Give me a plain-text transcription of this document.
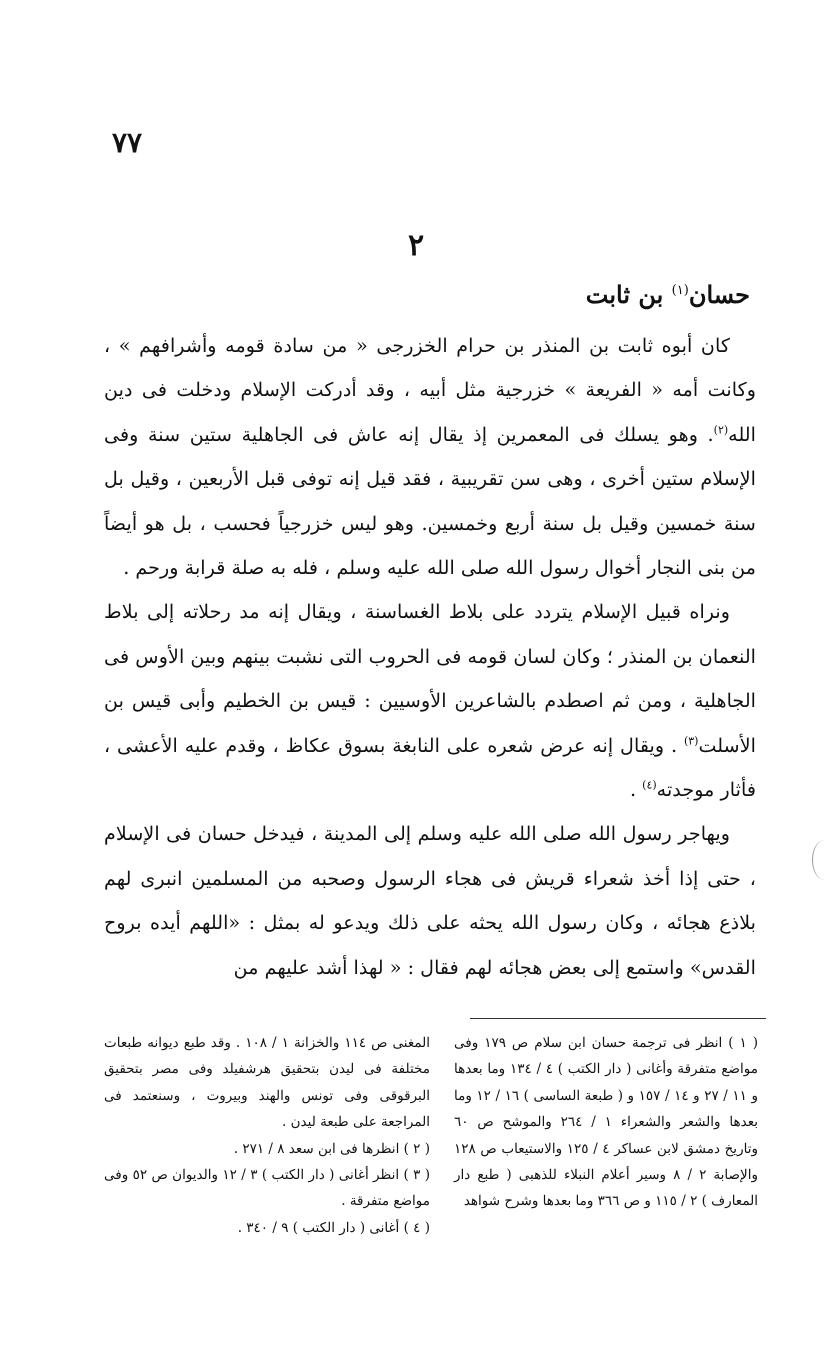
٧٧
٢
حسان$^{(١)}$ بن ثابت

كان أبوه ثابت بن المنذر بن حرام الخزرجى « من سادة قومه وأشرافهم » ، وكانت أمه « الفريعة » خزرجية مثل أبيه ، وقد أدركت الإسلام ودخلت فى دين الله$^{(٢)}$. وهو يسلك فى المعمرين إذ يقال إنه عاش فى الجاهلية ستين سنة وفى الإسلام ستين أخرى ، وهى سن تقريبية ، فقد قيل إنه توفى قبل الأربعين ، وقيل بل سنة خمسين وقيل بل سنة أربع وخمسين. وهو ليس خزرجياً فحسب ، بل هو أيضاً من بنى النجار أخوال رسول الله صلى الله عليه وسلم ، فله به صلة قرابة ورحم .

ونراه قبيل الإسلام يتردد على بلاط الغساسنة ، ويقال إنه مد رحلاته إلى بلاط النعمان بن المنذر ؛ وكان لسان قومه فى الحروب التى نشبت بينهم وبين الأوس فى الجاهلية ، ومن ثم اصطدم بالشاعرين الأوسيين : قيس بن الخطيم وأبى قيس بن الأسلت$^{(٣)}$ . ويقال إنه عرض شعره على النابغة بسوق عكاظ ، وقدم عليه الأعشى ، فأثار موجدته$^{(٤)}$ .

ويهاجر رسول الله صلى الله عليه وسلم إلى المدينة ، فيدخل حسان فى الإسلام ، حتى إذا أخذ شعراء قريش فى هجاء الرسول وصحبه من المسلمين انبرى لهم بلاذع هجائه ، وكان رسول الله يحثه على ذلك ويدعو له بمثل : «اللهم أيده بروح القدس» واستمع إلى بعض هجائه لهم فقال : « لهذا أشد عليهم من

( ١ ) انظر فى ترجمة حسان ابن سلام ص ١٧٩ وفى مواضع متفرقة وأغانى ( دار الكتب ) ٤ / ١٣٤ وما بعدها و ١١ / ٢٧ و ١٤ / ١٥٧ و ( طبعة الساسى ) ١٦ / ١٢ وما بعدها والشعر والشعراء ١ / ٢٦٤ والموشح ص ٦٠ وتاريخ دمشق لابن عساكر ٤ / ١٢٥ والاستيعاب ص ١٢٨ والإصابة ٢ / ٨ وسير أعلام النبلاء للذهبى ( طبع دار المعارف ) ٢ / ١١٥ و ص ٣٦٦ وما بعدها وشرح شواهد

المغنى ص ١١٤ والخزانة ١ / ١٠٨ . وقد طبع ديوانه طبعات مختلفة فى ليدن بتحقيق هرشفيلد وفى مصر بتحقيق البرقوقى وفى تونس والهند وبيروت ، وسنعتمد فى المراجعة على طبعة ليدن .

( ٢ ) انظرها فى ابن سعد ٨ / ٢٧١ .

( ٣ ) انظر أغانى ( دار الكتب ) ٣ / ١٢ والديوان ص ٥٢ وفى مواضع متفرقة .

( ٤ ) أغانى ( دار الكتب ) ٩ / ٣٤٠ .
